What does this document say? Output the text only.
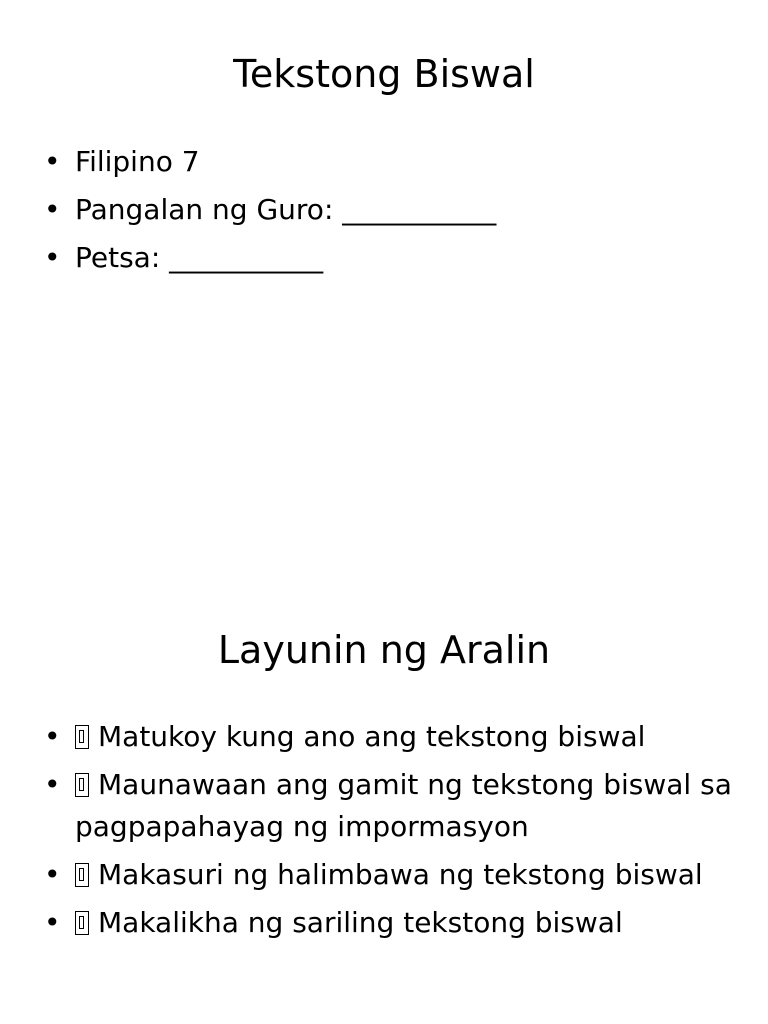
Tekstong Biswal
• Filipino 7
• Pangalan ng Guro: ___________
• Petsa: ___________
Layunin ng Aralin
•	Matukoy kung ano ang tekstong biswal
•	Maunawaan ang gamit ng tekstong biswal sa pagpapahayag ng impormasyon
•	Makasuri ng halimbawa ng tekstong biswal
•	Makalikha ng sariling tekstong biswal
